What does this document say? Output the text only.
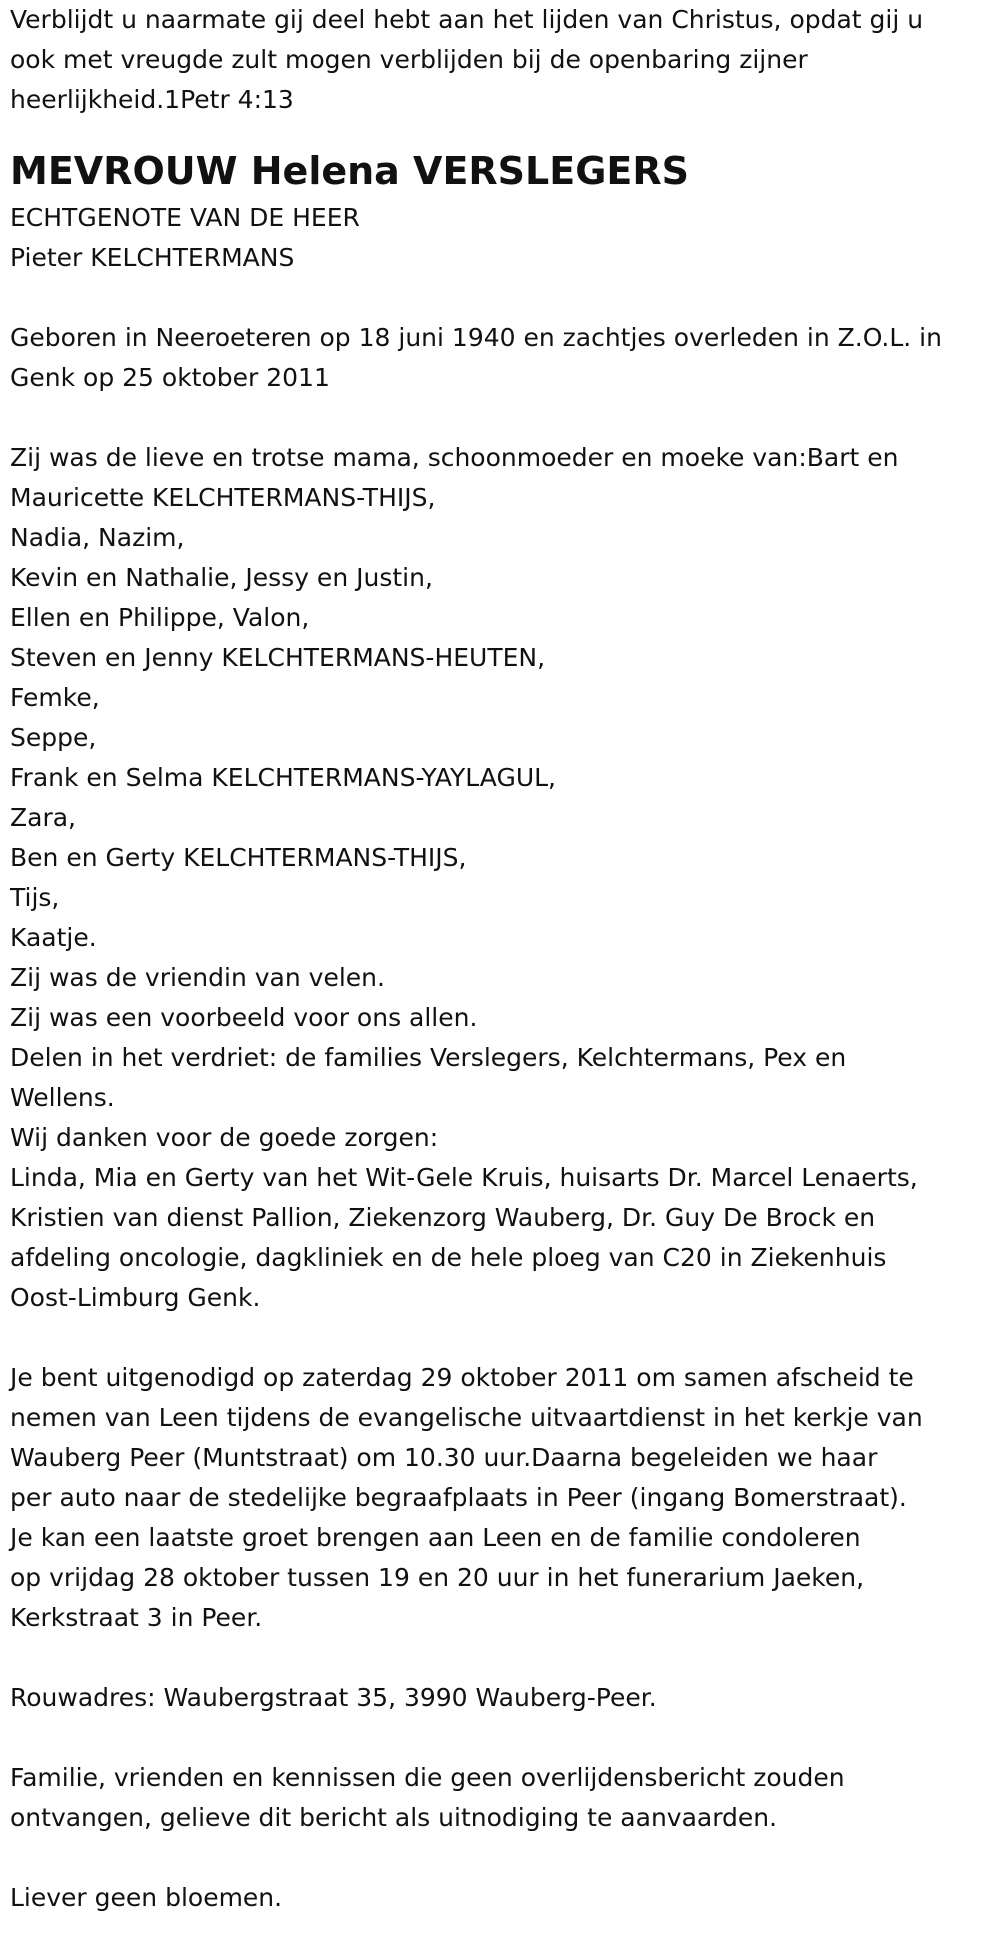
Verblijdt u naarmate gij deel hebt aan het lijden van Christus, opdat gij u
ook met vreugde zult mogen verblijden bij de openbaring zijner
heerlijkheid.1Petr 4:13
MEVROUW Helena VERSLEGERS
ECHTGENOTE VAN DE HEER
Pieter KELCHTERMANS
Geboren in Neeroeteren op 18 juni 1940 en zachtjes overleden in Z.O.L. in
Genk op 25 oktober 2011
Zij was de lieve en trotse mama, schoonmoeder en moeke van:Bart en
Mauricette KELCHTERMANS-THIJS,
Nadia, Nazim,
Kevin en Nathalie, Jessy en Justin,
Ellen en Philippe, Valon,
Steven en Jenny KELCHTERMANS-HEUTEN,
Femke,
Seppe,
Frank en Selma KELCHTERMANS-YAYLAGUL,
Zara,
Ben en Gerty KELCHTERMANS-THIJS,
Tijs,
Kaatje.
Zij was de vriendin van velen.
Zij was een voorbeeld voor ons allen.
Delen in het verdriet: de families Verslegers, Kelchtermans, Pex en
Wellens.
Wij danken voor de goede zorgen:
Linda, Mia en Gerty van het Wit-Gele Kruis, huisarts Dr. Marcel Lenaerts,
Kristien van dienst Pallion, Ziekenzorg Wauberg, Dr. Guy De Brock en
afdeling oncologie, dagkliniek en de hele ploeg van C20 in Ziekenhuis
Oost-Limburg Genk.
Je bent uitgenodigd op zaterdag 29 oktober 2011 om samen afscheid te
nemen van Leen tijdens de evangelische uitvaartdienst in het kerkje van
Wauberg Peer (Muntstraat) om 10.30 uur.Daarna begeleiden we haar
per auto naar de stedelijke begraafplaats in Peer (ingang Bomerstraat).
Je kan een laatste groet brengen aan Leen en de familie condoleren
op vrijdag 28 oktober tussen 19 en 20 uur in het funerarium Jaeken,
Kerkstraat 3 in Peer.
Rouwadres: Waubergstraat 35, 3990 Wauberg-Peer.
Familie, vrienden en kennissen die geen overlijdensbericht zouden
ontvangen, gelieve dit bericht als uitnodiging te aanvaarden.
Liever geen bloemen.
